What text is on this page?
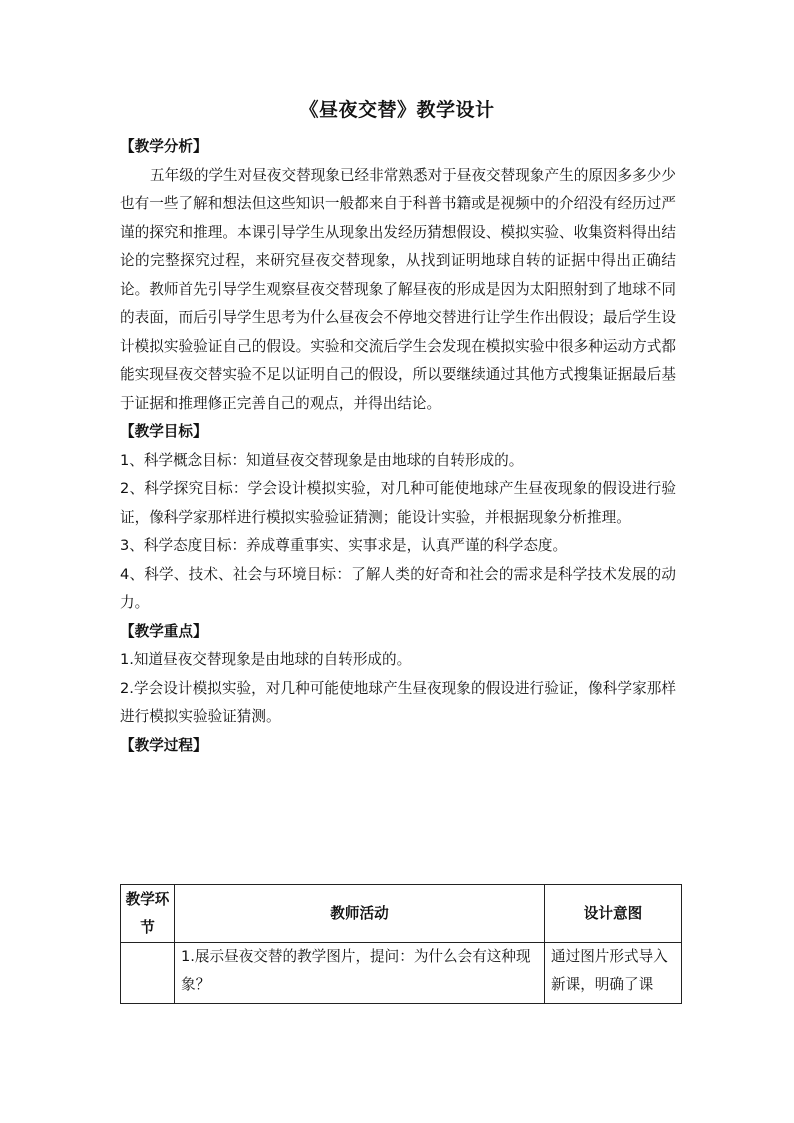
《昼夜交替》教学设计
【教学分析】

五年级的学生对昼夜交替现象已经非常熟悉对于昼夜交替现象产生的原因多多少少也有一些了解和想法但这些知识一般都来自于科普书籍或是视频中的介绍没有经历过严谨的探究和推理。本课引导学生从现象出发经历猜想假设、模拟实验、收集资料得出结论的完整探究过程，来研究昼夜交替现象，从找到证明地球自转的证据中得出正确结论。教师首先引导学生观察昼夜交替现象了解昼夜的形成是因为太阳照射到了地球不同的表面，而后引导学生思考为什么昼夜会不停地交替进行让学生作出假设；最后学生设计模拟实验验证自己的假设。实验和交流后学生会发现在模拟实验中很多种运动方式都能实现昼夜交替实验不足以证明自己的假设，所以要继续通过其他方式搜集证据最后基于证据和推理修正完善自己的观点，并得出结论。

【教学目标】

1、科学概念目标：知道昼夜交替现象是由地球的自转形成的。

2、科学探究目标：学会设计模拟实验，对几种可能使地球产生昼夜现象的假设进行验证，像科学家那样进行模拟实验验证猜测；能设计实验，并根据现象分析推理。

3、科学态度目标：养成尊重事实、实事求是，认真严谨的科学态度。

4、科学、技术、社会与环境目标：了解人类的好奇和社会的需求是科学技术发展的动力。

【教学重点】

1.知道昼夜交替现象是由地球的自转形成的。

2.学会设计模拟实验，对几种可能使地球产生昼夜现象的假设进行验证，像科学家那样进行模拟实验验证猜测。

【教学过程】
教学环节	教师活动	设计意图
	1.展示昼夜交替的教学图片，提问：为什么会有这种现象？	通过图片形式导入新课，明确了课
